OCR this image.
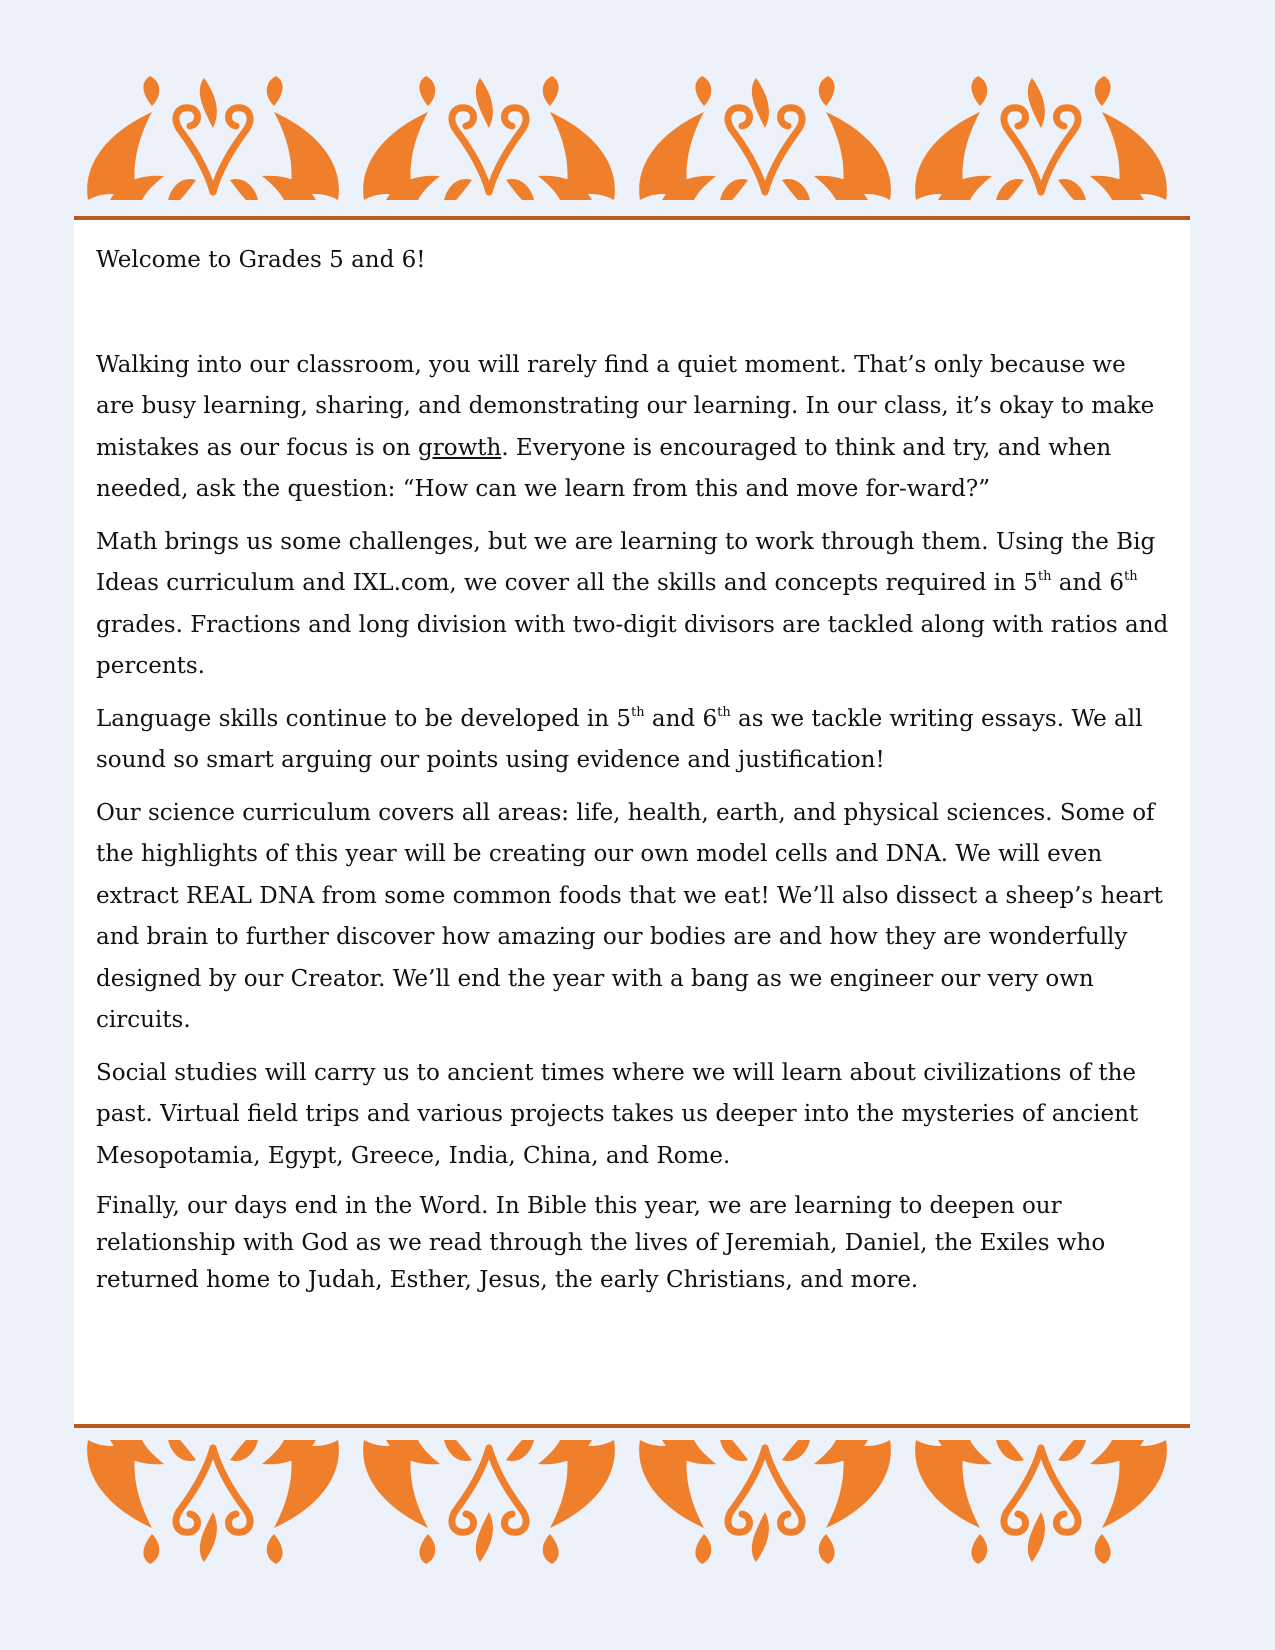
Welcome to Grades 5 and 6!

Walking into our classroom, you will rarely find a quiet moment. That’s only because we are busy learning, sharing, and demonstrating our learning. In our class, it’s okay to make mistakes as our focus is on growth. Everyone is encouraged to think and try, and when needed, ask the question: “How can we learn from this and move for-ward?”

Math brings us some challenges, but we are learning to work through them. Using the Big Ideas curriculum and IXL.com, we cover all the skills and concepts required in 5th and 6th grades. Fractions and long division with two-digit divisors are tackled along with ratios and percents.

Language skills continue to be developed in 5th and 6th as we tackle writing essays. We all sound so smart arguing our points using evidence and justification!

Our science curriculum covers all areas: life, health, earth, and physical sciences. Some of the highlights of this year will be creating our own model cells and DNA. We will even extract REAL DNA from some common foods that we eat! We’ll also dissect a sheep’s heart and brain to further discover how amazing our bodies are and how they are wonderfully designed by our Creator. We’ll end the year with a bang as we engineer our very own circuits.

Social studies will carry us to ancient times where we will learn about civilizations of the past. Virtual field trips and various projects takes us deeper into the mysteries of ancient Mesopotamia, Egypt, Greece, India, China, and Rome.

Finally, our days end in the Word. In Bible this year, we are learning to deepen our relationship with God as we read through the lives of Jeremiah, Daniel, the Exiles who returned home to Judah, Esther, Jesus, the early Christians, and more.
